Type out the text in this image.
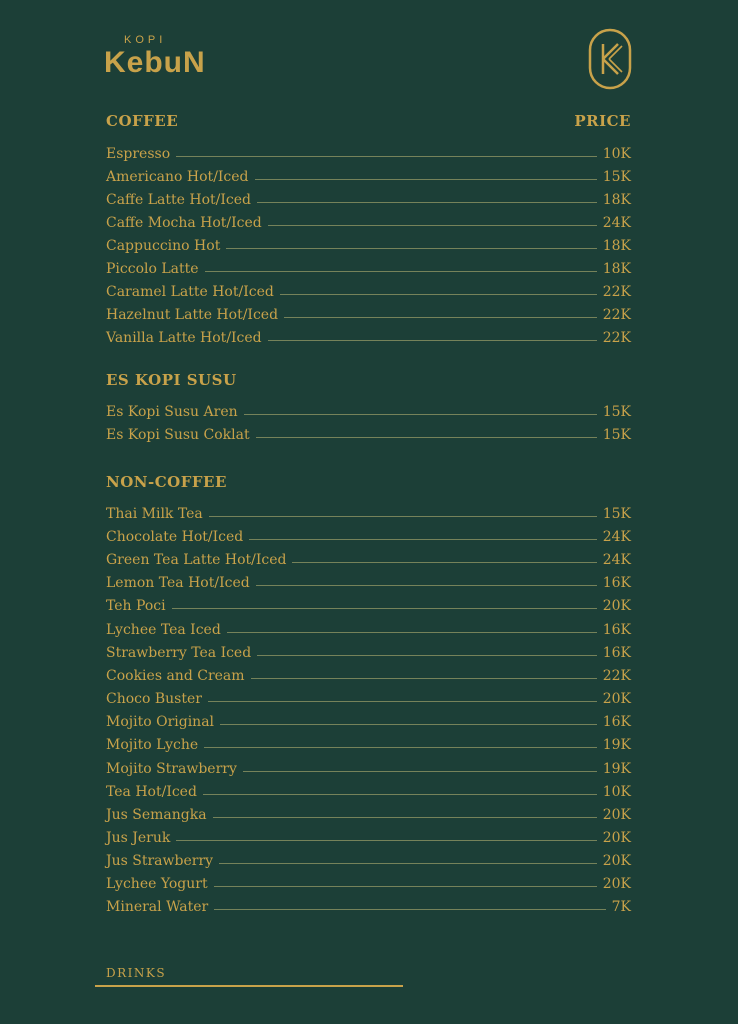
KOPI
KebuN
COFFEE	PRICE
Espresso	10K
Americano Hot/Iced	15K
Caffe Latte Hot/Iced	18K
Caffe Mocha Hot/Iced	24K
Cappuccino Hot	18K
Piccolo Latte	18K
Caramel Latte Hot/Iced	22K
Hazelnut Latte Hot/Iced	22K
Vanilla Latte Hot/Iced	22K
ES KOPI SUSU
Es Kopi Susu Aren	15K
Es Kopi Susu Coklat	15K
NON-COFFEE
Thai Milk Tea	15K
Chocolate Hot/Iced	24K
Green Tea Latte Hot/Iced	24K
Lemon Tea Hot/Iced	16K
Teh Poci	20K
Lychee Tea Iced	16K
Strawberry Tea Iced	16K
Cookies and Cream	22K
Choco Buster	20K
Mojito Original	16K
Mojito Lyche	19K
Mojito Strawberry	19K
Tea Hot/Iced	10K
Jus Semangka	20K
Jus Jeruk	20K
Jus Strawberry	20K
Lychee Yogurt	20K
Mineral Water	7K
DRINKS
